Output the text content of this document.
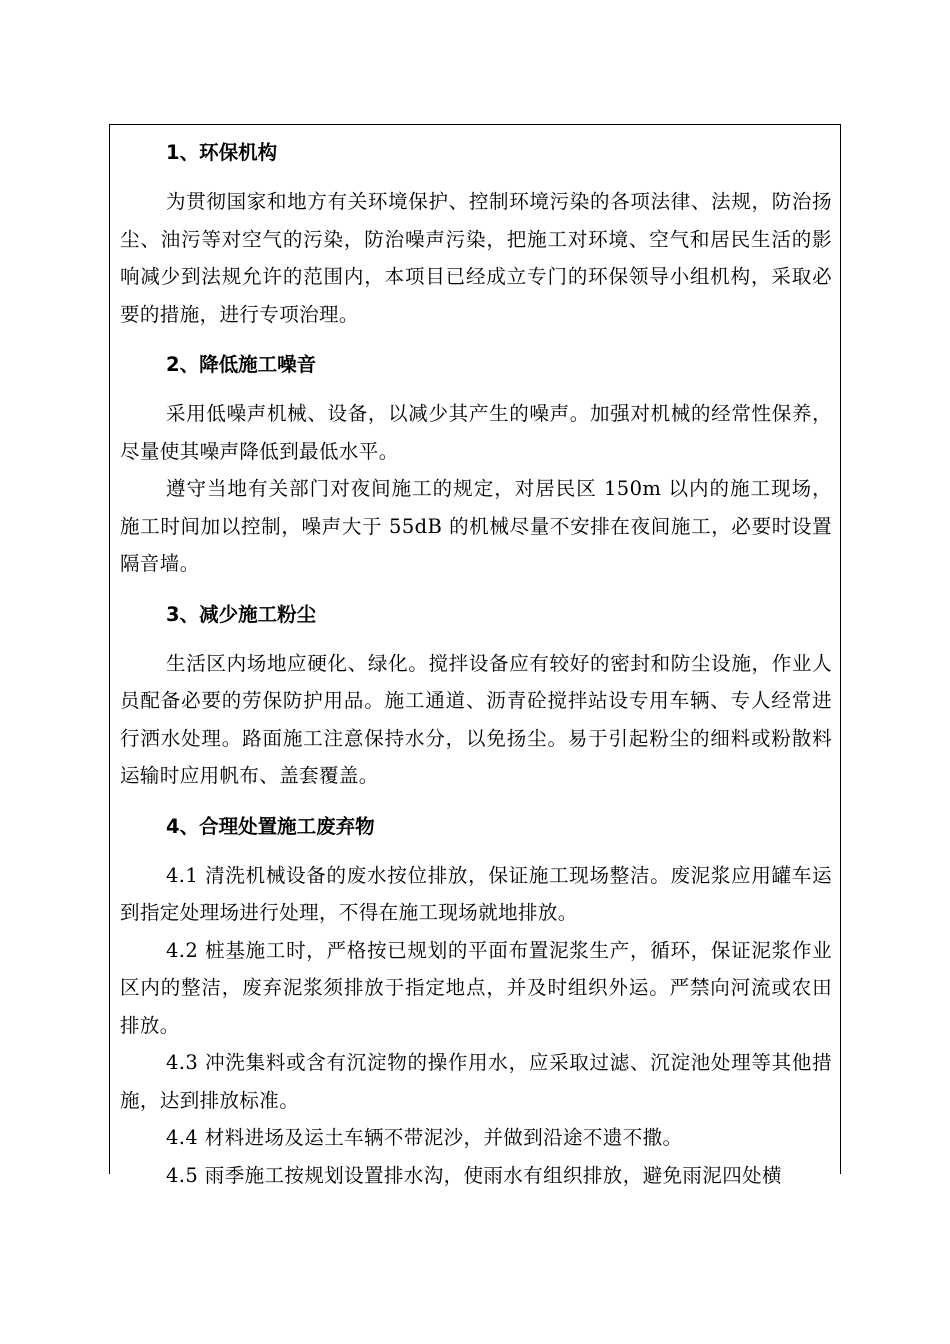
1、环保机构

为贯彻国家和地方有关环境保护、控制环境污染的各项法律、法规，防治扬尘、油污等对空气的污染，防治噪声污染，把施工对环境、空气和居民生活的影响减少到法规允许的范围内，本项目已经成立专门的环保领导小组机构，采取必要的措施，进行专项治理。

2、降低施工噪音

采用低噪声机械、设备，以减少其产生的噪声。加强对机械的经常性保养，尽量使其噪声降低到最低水平。

遵守当地有关部门对夜间施工的规定，对居民区 150m 以内的施工现场，施工时间加以控制，噪声大于 55dB 的机械尽量不安排在夜间施工，必要时设置隔音墙。

3、减少施工粉尘

生活区内场地应硬化、绿化。搅拌设备应有较好的密封和防尘设施，作业人员配备必要的劳保防护用品。施工通道、沥青砼搅拌站设专用车辆、专人经常进行洒水处理。路面施工注意保持水分，以免扬尘。易于引起粉尘的细料或粉散料运输时应用帆布、盖套覆盖。

4、合理处置施工废弃物

4.1 清洗机械设备的废水按位排放，保证施工现场整洁。废泥浆应用罐车运到指定处理场进行处理，不得在施工现场就地排放。

4.2 桩基施工时，严格按已规划的平面布置泥浆生产，循环，保证泥浆作业区内的整洁，废弃泥浆须排放于指定地点，并及时组织外运。严禁向河流或农田排放。

4.3 冲洗集料或含有沉淀物的操作用水，应采取过滤、沉淀池处理等其他措施，达到排放标准。

4.4 材料进场及运土车辆不带泥沙，并做到沿途不遗不撒。

4.5 雨季施工按规划设置排水沟，使雨水有组织排放，避免雨泥四处横
